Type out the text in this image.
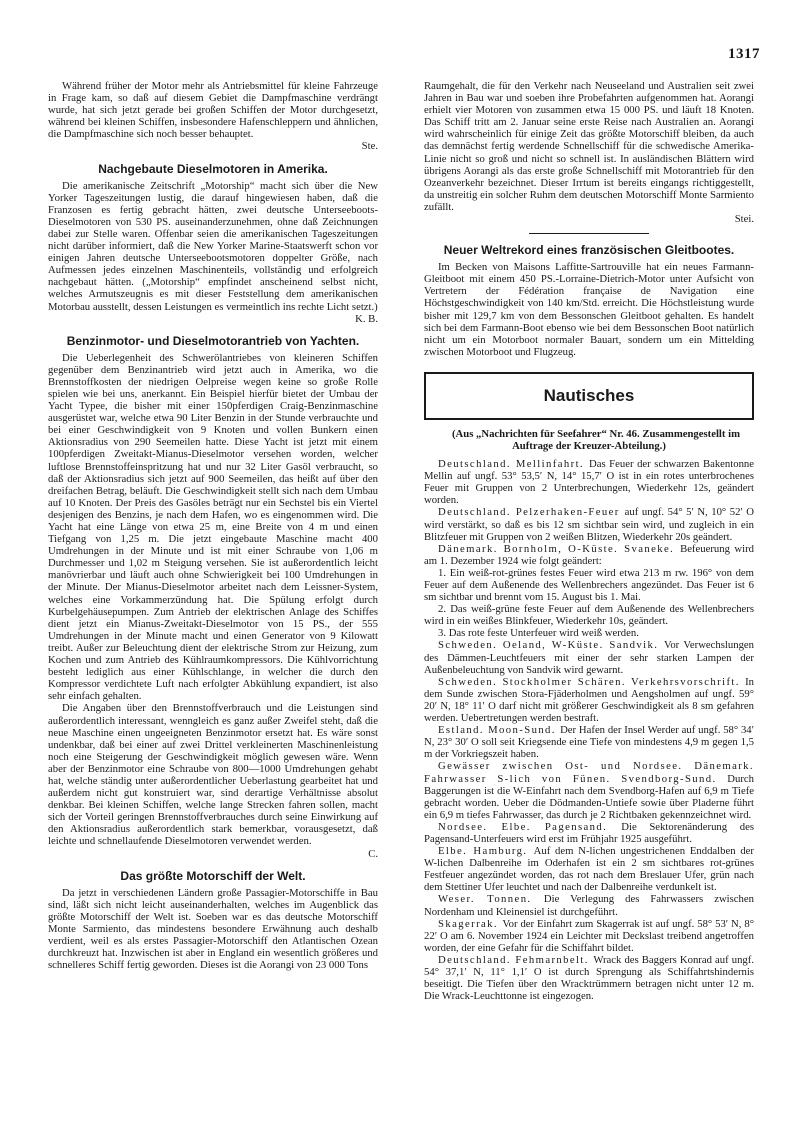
1317

Während früher der Motor mehr als Antriebsmittel für kleine Fahrzeuge in Frage kam, so daß auf diesem Gebiet die Dampfmaschine verdrängt wurde, hat sich jetzt gerade bei großen Schiffen der Motor durchgesetzt, während bei kleinen Schiffen, insbesondere Hafenschleppern und ähnlichen, die Dampfmaschine sich noch besser behauptet.

Ste.

Nachgebaute Dieselmotoren in Amerika.

Die amerikanische Zeitschrift „Motorship“ macht sich über die New Yorker Tageszeitungen lustig, die darauf hingewiesen haben, daß die Franzosen es fertig gebracht hätten, zwei deutsche Unterseeboots-Dieselmotoren von 530 PS. auseinanderzunehmen, ohne daß Zeichnungen dabei zur Stelle waren. Offenbar seien die amerikanischen Tageszeitungen nicht darüber informiert, daß die New Yorker Marine-Staatswerft schon vor einigen Jahren deutsche Unterseebootsmotoren doppelter Größe, nach Aufmessen jedes einzelnen Maschinenteils, vollständig und erfolgreich nachgebaut hätten. („Motorship“ empfindet anscheinend selbst nicht, welches Armutszeugnis es mit dieser Feststellung dem amerikanischen Motorbau ausstellt, dessen Leistungen es vermeintlich ins rechte Licht setzt.)

K. B.

Benzinmotor- und Dieselmotorantrieb von Yachten.

Die Ueberlegenheit des Schwerölantriebes von kleineren Schiffen gegenüber dem Benzinantrieb wird jetzt auch in Amerika, wo die Brennstoffkosten der niedrigen Oelpreise wegen keine so große Rolle spielen wie bei uns, anerkannt. Ein Beispiel hierfür bietet der Umbau der Yacht Typee, die bisher mit einer 150pferdigen Craig-Benzinmaschine ausgerüstet war, welche etwa 90 Liter Benzin in der Stunde verbrauchte und bei einer Geschwindigkeit von 9 Knoten und vollen Bunkern einen Aktionsradius von 290 Seemeilen hatte. Diese Yacht ist jetzt mit einem 100pferdigen Zweitakt-Mianus-Dieselmotor versehen worden, welcher luftlose Brennstoffeinspritzung hat und nur 32 Liter Gasöl verbraucht, so daß der Aktionsradius sich jetzt auf 900 Seemeilen, das heißt auf über den dreifachen Betrag, beläuft. Die Geschwindigkeit stellt sich nach dem Umbau auf 10 Knoten. Der Preis des Gasöles beträgt nur ein Sechstel bis ein Viertel desjenigen des Benzins, je nach dem Hafen, wo es eingenommen wird. Die Yacht hat eine Länge von etwa 25 m, eine Breite von 4 m und einen Tiefgang von 1,25 m. Die jetzt eingebaute Maschine macht 400 Umdrehungen in der Minute und ist mit einer Schraube von 1,06 m Durchmesser und 1,02 m Steigung versehen. Sie ist außerordentlich leicht manövrierbar und läuft auch ohne Schwierigkeit bei 100 Umdrehungen in der Minute. Der Mianus-Dieselmotor arbeitet nach dem Leissner-System, welches eine Vorkammerzündung hat. Die Spülung erfolgt durch Kurbelgehäusepumpen. Zum Antrieb der elektrischen Anlage des Schiffes dient jetzt ein Mianus-Zweitakt-Dieselmotor von 15 PS., der 555 Umdrehungen in der Minute macht und einen Generator von 9 Kilowatt treibt. Außer zur Beleuchtung dient der elektrische Strom zur Heizung, zum Kochen und zum Antrieb des Kühlraumkompressors. Die Kühlvorrichtung besteht lediglich aus einer Kühlschlange, in welcher die durch den Kompressor verdichtete Luft nach erfolgter Abkühlung expandiert, ist also sehr einfach gehalten.

Die Angaben über den Brennstoffverbrauch und die Leistungen sind außerordentlich interessant, wenngleich es ganz außer Zweifel steht, daß die neue Maschine einen ungeeigneten Benzinmotor ersetzt hat. Es wäre sonst undenkbar, daß bei einer auf zwei Drittel verkleinerten Maschinenleistung noch eine Steigerung der Geschwindigkeit möglich gewesen wäre. Wenn aber der Benzinmotor eine Schraube von 800—1000 Umdrehungen gehabt hat, welche ständig unter außerordentlicher Ueberlastung gearbeitet hat und außerdem nicht gut konstruiert war, sind derartige Verhältnisse absolut denkbar. Bei kleinen Schiffen, welche lange Strecken fahren sollen, macht sich der Vorteil geringen Brennstoffverbrauches durch seine Einwirkung auf den Aktionsradius außerordentlich stark bemerkbar, vorausgesetzt, daß leichte und schnellaufende Dieselmotoren verwendet werden.

C.

Das größte Motorschiff der Welt.

Da jetzt in verschiedenen Ländern große Passagier-Motorschiffe in Bau sind, läßt sich nicht leicht auseinanderhalten, welches im Augenblick das größte Motorschiff der Welt ist. Soeben war es das deutsche Motorschiff Monte Sarmiento, das mindestens besondere Erwähnung auch deshalb verdient, weil es als erstes Passagier-Motorschiff den Atlantischen Ozean durchkreuzt hat. Inzwischen ist aber in England ein wesentlich größeres und schnelleres Schiff fertig geworden. Dieses ist die Aorangi von 23 000 Tons

Raumgehalt, die für den Verkehr nach Neuseeland und Australien seit zwei Jahren in Bau war und soeben ihre Probefahrten aufgenommen hat. Aorangi erhielt vier Motoren von zusammen etwa 15 000 PS. und läuft 18 Knoten. Das Schiff tritt am 2. Januar seine erste Reise nach Australien an. Aorangi wird wahrscheinlich für einige Zeit das größte Motorschiff bleiben, da auch das demnächst fertig werdende Schnellschiff für die schwedische Amerika-Linie nicht so groß und nicht so schnell ist. In ausländischen Blättern wird übrigens Aorangi als das erste große Schnellschiff mit Motorantrieb für den Ozeanverkehr bezeichnet. Dieser Irrtum ist bereits eingangs richtiggestellt, da unstreitig ein solcher Ruhm dem deutschen Motorschiff Monte Sarmiento zufällt.

Stei.

Neuer Weltrekord eines französischen Gleitbootes.

Im Becken von Maisons Laffitte-Sartrouville hat ein neues Farmann-Gleitboot mit einem 450 PS.-Lorraine-Dietrich-Motor unter Aufsicht von Vertretern der Fédération française de Navigation eine Höchstgeschwindigkeit von 140 km/Std. erreicht. Die Höchstleistung wurde bisher mit 129,7 km von dem Bessonschen Gleitboot gehalten. Es handelt sich bei dem Farmann-Boot ebenso wie bei dem Bessonschen Boot natürlich nicht um ein Motorboot normaler Bauart, sondern um ein Mittelding zwischen Motorboot und Flugzeug.

Nautisches

(Aus „Nachrichten für Seefahrer“ Nr. 46. Zusammengestellt im Auftrage der Kreuzer-Abteilung.)

Deutschland. Mellinfahrt. Das Feuer der schwarzen Bakentonne Mellin auf ungf. 53° 53,5′ N, 14° 15,7′ O ist in ein rotes unterbrochenes Feuer mit Gruppen von 2 Unterbrechungen, Wiederkehr 12s, geändert worden.

Deutschland. Pelzerhaken-Feuer auf ungf. 54° 5′ N, 10° 52′ O wird verstärkt, so daß es bis 12 sm sichtbar sein wird, und zugleich in ein Blitzfeuer mit Gruppen von 2 weißen Blitzen, Wiederkehr 20s geändert.

Dänemark. Bornholm, O-Küste. Svaneke. Befeuerung wird am 1. Dezember 1924 wie folgt geändert:

1. Ein weiß-rot-grünes festes Feuer wird etwa 213 m rw. 196° von dem Feuer auf dem Außenende des Wellenbrechers angezündet. Das Feuer ist 6 sm sichtbar und brennt vom 15. August bis 1. Mai.

2. Das weiß-grüne feste Feuer auf dem Außenende des Wellenbrechers wird in ein weißes Blinkfeuer, Wiederkehr 10s, geändert.

3. Das rote feste Unterfeuer wird weiß werden.

Schweden. Oeland, W-Küste. Sandvik. Vor Verwechslungen des Dämmen-Leuchtfeuers mit einer der sehr starken Lampen der Außenbeleuchtung von Sandvik wird gewarnt.

Schweden. Stockholmer Schären. Verkehrsvorschrift. In dem Sunde zwischen Stora-Fjäderholmen und Aengsholmen auf ungf. 59° 20′ N, 18° 11′ O darf nicht mit größerer Geschwindigkeit als 8 sm gefahren werden. Uebertretungen werden bestraft.

Estland. Moon-Sund. Der Hafen der Insel Werder auf ungf. 58° 34′ N, 23° 30′ O soll seit Kriegsende eine Tiefe von mindestens 4,9 m gegen 1,5 m der Vorkriegszeit haben.

Gewässer zwischen Ost- und Nordsee. Dänemark. Fahrwasser S-lich von Fünen. Svendborg-Sund. Durch Baggerungen ist die W-Einfahrt nach dem Svendborg-Hafen auf 6,9 m Tiefe gebracht worden. Ueber die Dödmanden-Untiefe sowie über Pladerne führt ein 6,9 m tiefes Fahrwasser, das durch je 2 Richtbaken gekennzeichnet wird.

Nordsee. Elbe. Pagensand. Die Sektorenänderung des Pagensand-Unterfeuers wird erst im Frühjahr 1925 ausgeführt.

Elbe. Hamburg. Auf dem N-lichen ungestrichenen Enddalben der W-lichen Dalbenreihe im Oderhafen ist ein 2 sm sichtbares rot-grünes Festfeuer angezündet worden, das rot nach dem Breslauer Ufer, grün nach dem Stettiner Ufer leuchtet und nach der Dalbenreihe verdunkelt ist.

Weser. Tonnen. Die Verlegung des Fahrwassers zwischen Nordenham und Kleinensiel ist durchgeführt.

Skagerrak. Vor der Einfahrt zum Skagerrak ist auf ungf. 58° 53′ N, 8° 22′ O am 6. November 1924 ein Leichter mit Deckslast treibend angetroffen worden, der eine Gefahr für die Schiffahrt bildet.

Deutschland. Fehmarnbelt. Wrack des Baggers Konrad auf ungf. 54° 37,1′ N, 11° 1,1′ O ist durch Sprengung als Schiffahrtshindernis beseitigt. Die Tiefen über den Wracktrümmern betragen nicht unter 12 m. Die Wrack-Leuchttonne ist eingezogen.
